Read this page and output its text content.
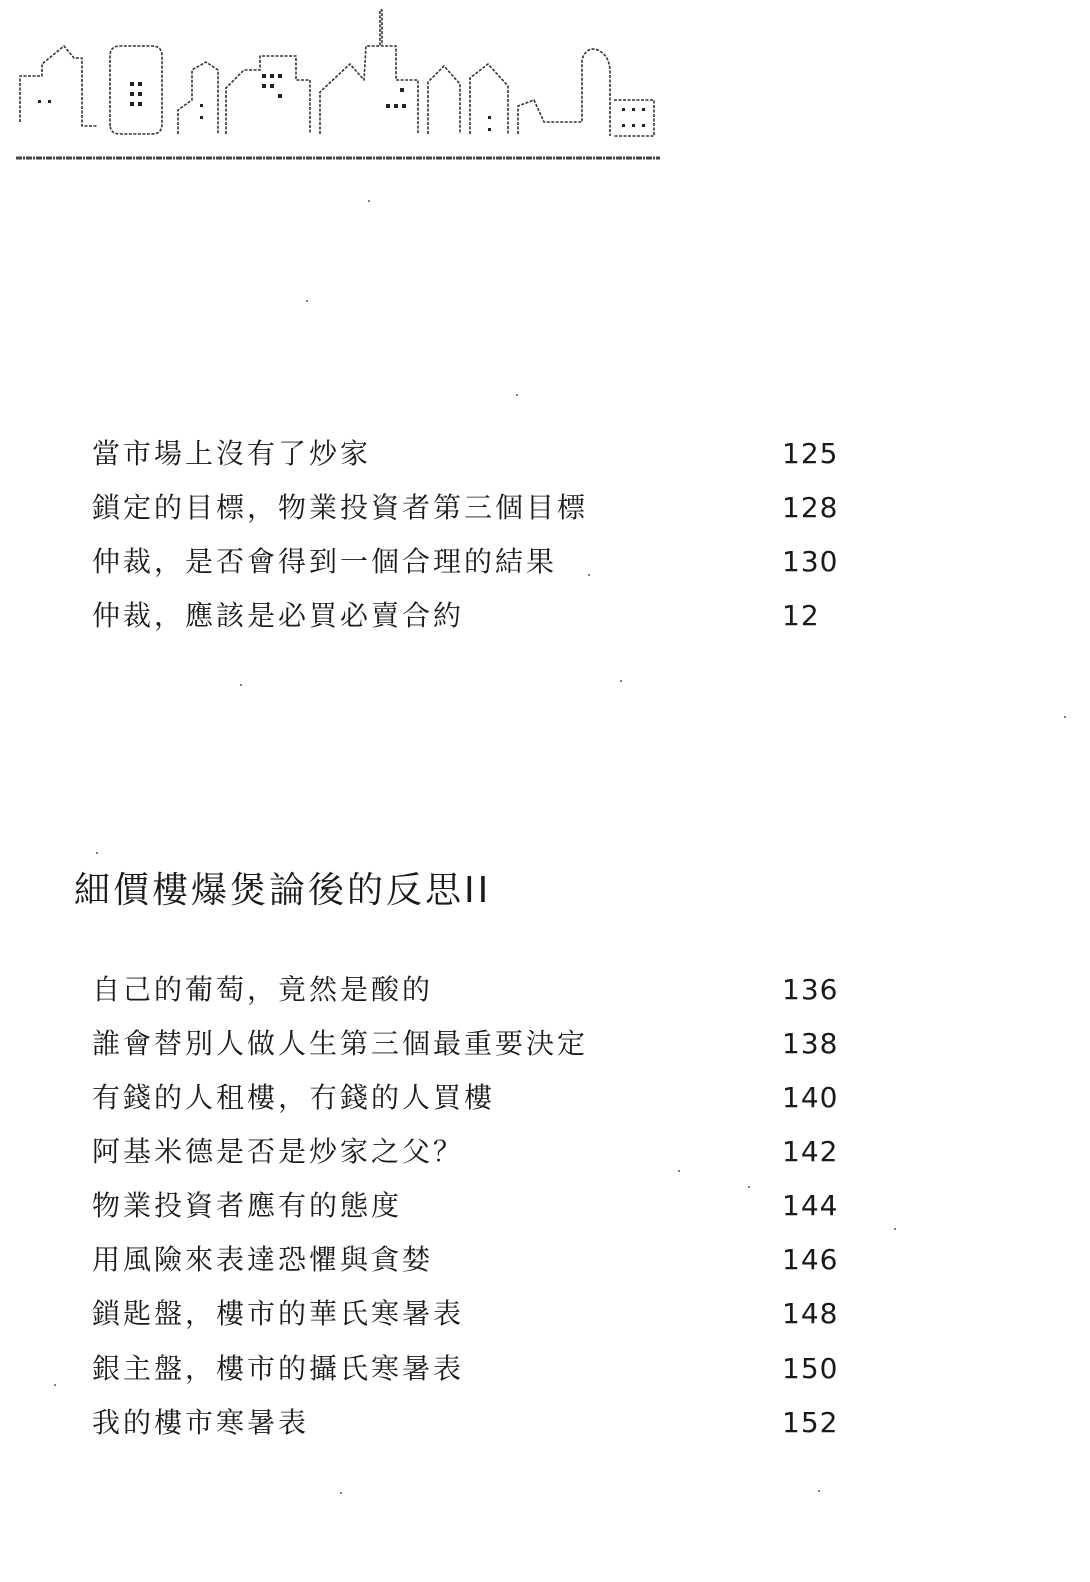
當市場上沒有了炒家	125
鎖定的目標，物業投資者第三個目標	128
仲裁，是否會得到一個合理的結果	130
仲裁，應該是必買必賣合約	12
細價樓爆煲論後的反思II
自己的葡萄，竟然是酸的	136
誰會替別人做人生第三個最重要決定	138
有錢的人租樓，冇錢的人買樓	140
阿基米德是否是炒家之父？	142
物業投資者應有的態度	144
用風險來表達恐懼與貪婪	146
鎖匙盤，樓市的華氏寒暑表	148
銀主盤，樓市的攝氏寒暑表	150
我的樓市寒暑表	152
